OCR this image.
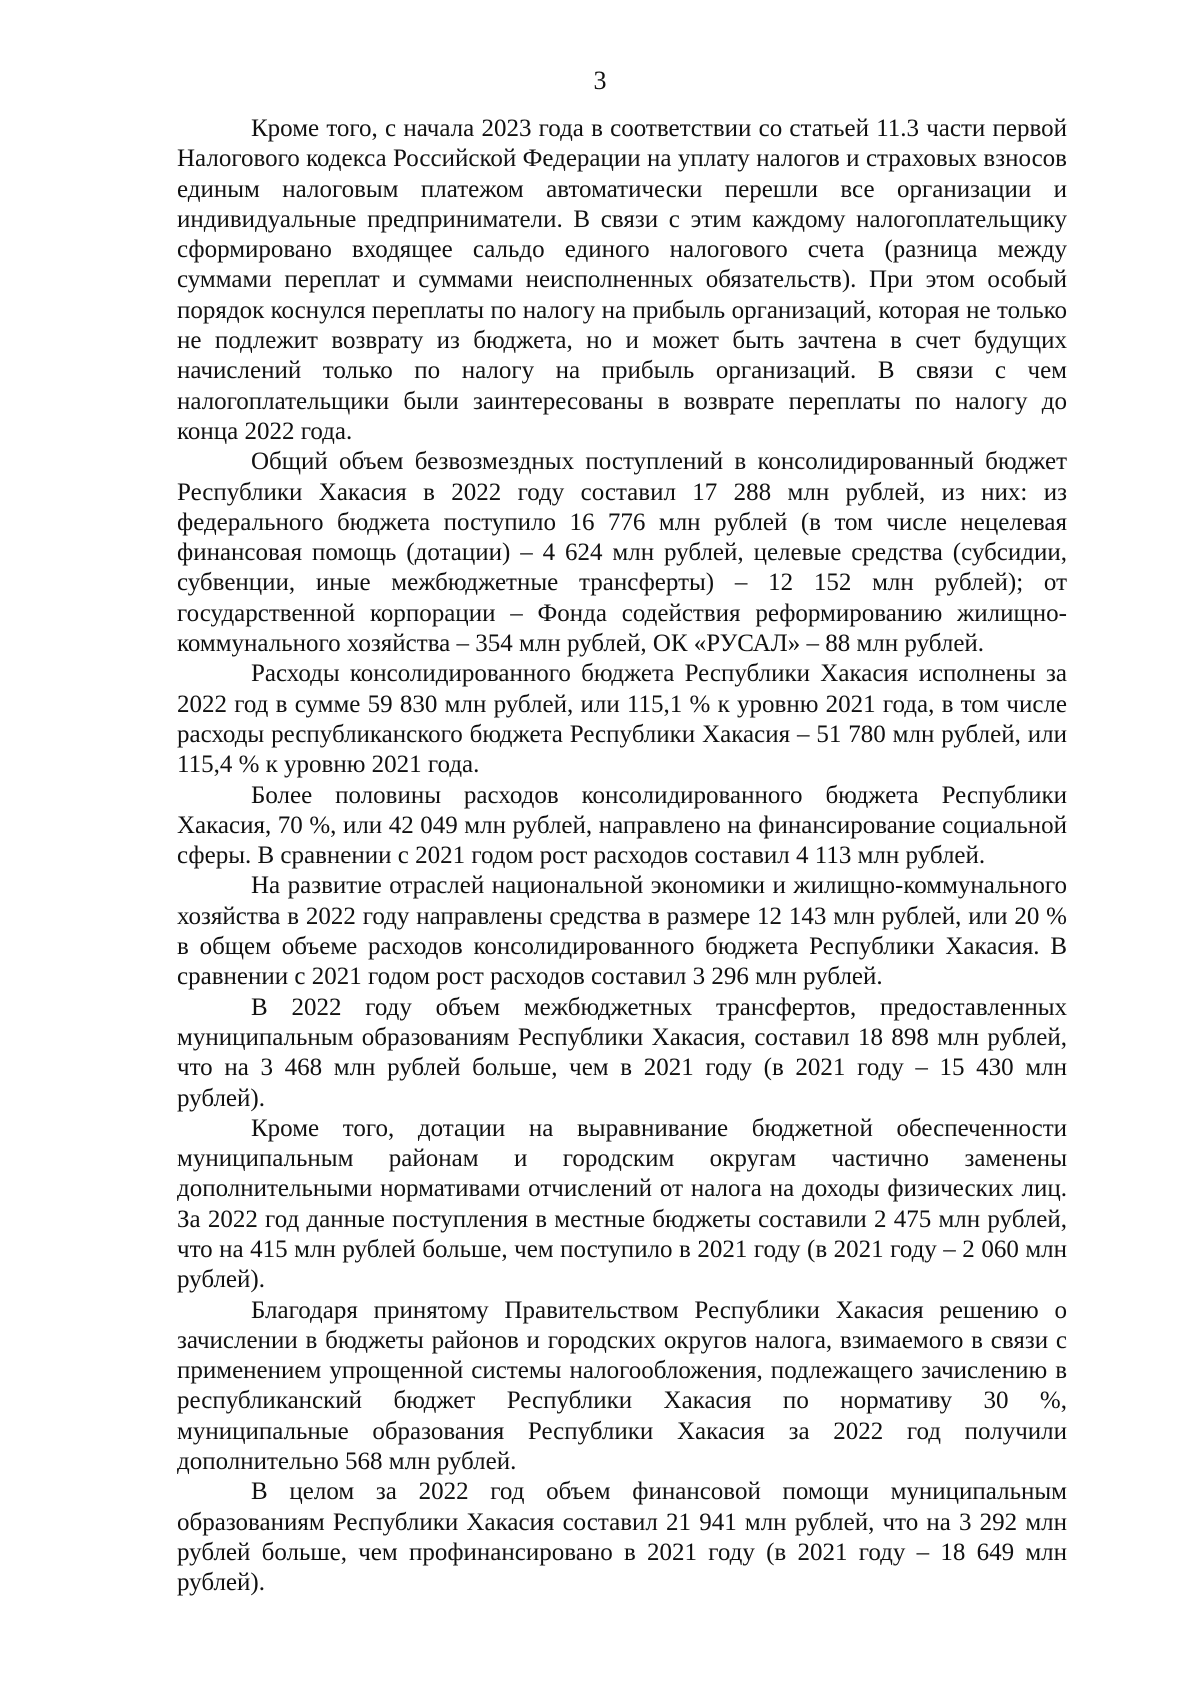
3

Кроме того, с начала 2023 года в соответствии со статьей 11.3 части первой Налогового кодекса Российской Федерации на уплату налогов и страховых взносов единым налоговым платежом автоматически перешли все организации и индивидуальные предприниматели. В связи с этим каждому налогоплательщику сформировано входящее сальдо единого налогового счета (разница между суммами переплат и суммами неисполненных обязательств). При этом особый порядок коснулся переплаты по налогу на прибыль организаций, которая не только не подлежит возврату из бюджета, но и может быть зачтена в счет будущих начислений только по налогу на прибыль организаций. В связи с чем налогоплательщики были заинтересованы в возврате переплаты по налогу до конца 2022 года.

Общий объем безвозмездных поступлений в консолидированный бюджет Республики Хакасия в 2022 году составил 17 288 млн рублей, из них: из федерального бюджета поступило 16 776 млн рублей (в том числе нецелевая финансовая помощь (дотации) – 4 624 млн рублей, целевые средства (субсидии, субвенции, иные межбюджетные трансферты) – 12 152 млн рублей); от государственной корпорации – Фонда содействия реформированию жилищно-коммунального хозяйства – 354 млн рублей, ОК «РУСАЛ» – 88 млн рублей.

Расходы консолидированного бюджета Республики Хакасия исполнены за 2022 год в сумме 59 830 млн рублей, или 115,1 % к уровню 2021 года, в том числе расходы республиканского бюджета Республики Хакасия – 51 780 млн рублей, или 115,4 % к уровню 2021 года.

Более половины расходов консолидированного бюджета Республики Хакасия, 70 %, или 42 049 млн рублей, направлено на финансирование социальной сферы. В сравнении с 2021 годом рост расходов составил 4 113 млн рублей.

На развитие отраслей национальной экономики и жилищно-коммунального хозяйства в 2022 году направлены средства в размере 12 143 млн рублей, или 20 % в общем объеме расходов консолидированного бюджета Республики Хакасия. В сравнении с 2021 годом рост расходов составил 3 296 млн рублей.

В 2022 году объем межбюджетных трансфертов, предоставленных муниципальным образованиям Республики Хакасия, составил 18 898 млн рублей, что на 3 468 млн рублей больше, чем в 2021 году (в 2021 году – 15 430 млн рублей).

Кроме того, дотации на выравнивание бюджетной обеспеченности муниципальным районам и городским округам частично заменены дополнительными нормативами отчислений от налога на доходы физических лиц. За 2022 год данные поступления в местные бюджеты составили 2 475 млн рублей, что на 415 млн рублей больше, чем поступило в 2021 году (в 2021 году – 2 060 млн рублей).

Благодаря принятому Правительством Республики Хакасия решению о зачислении в бюджеты районов и городских округов налога, взимаемого в связи с применением упрощенной системы налогообложения, подлежащего зачислению в республиканский бюджет Республики Хакасия по нормативу 30 %, муниципальные образования Республики Хакасия за 2022 год получили дополнительно 568 млн рублей.

В целом за 2022 год объем финансовой помощи муниципальным образованиям Республики Хакасия составил 21 941 млн рублей, что на 3 292 млн рублей больше, чем профинансировано в 2021 году (в 2021 году – 18 649 млн рублей).
